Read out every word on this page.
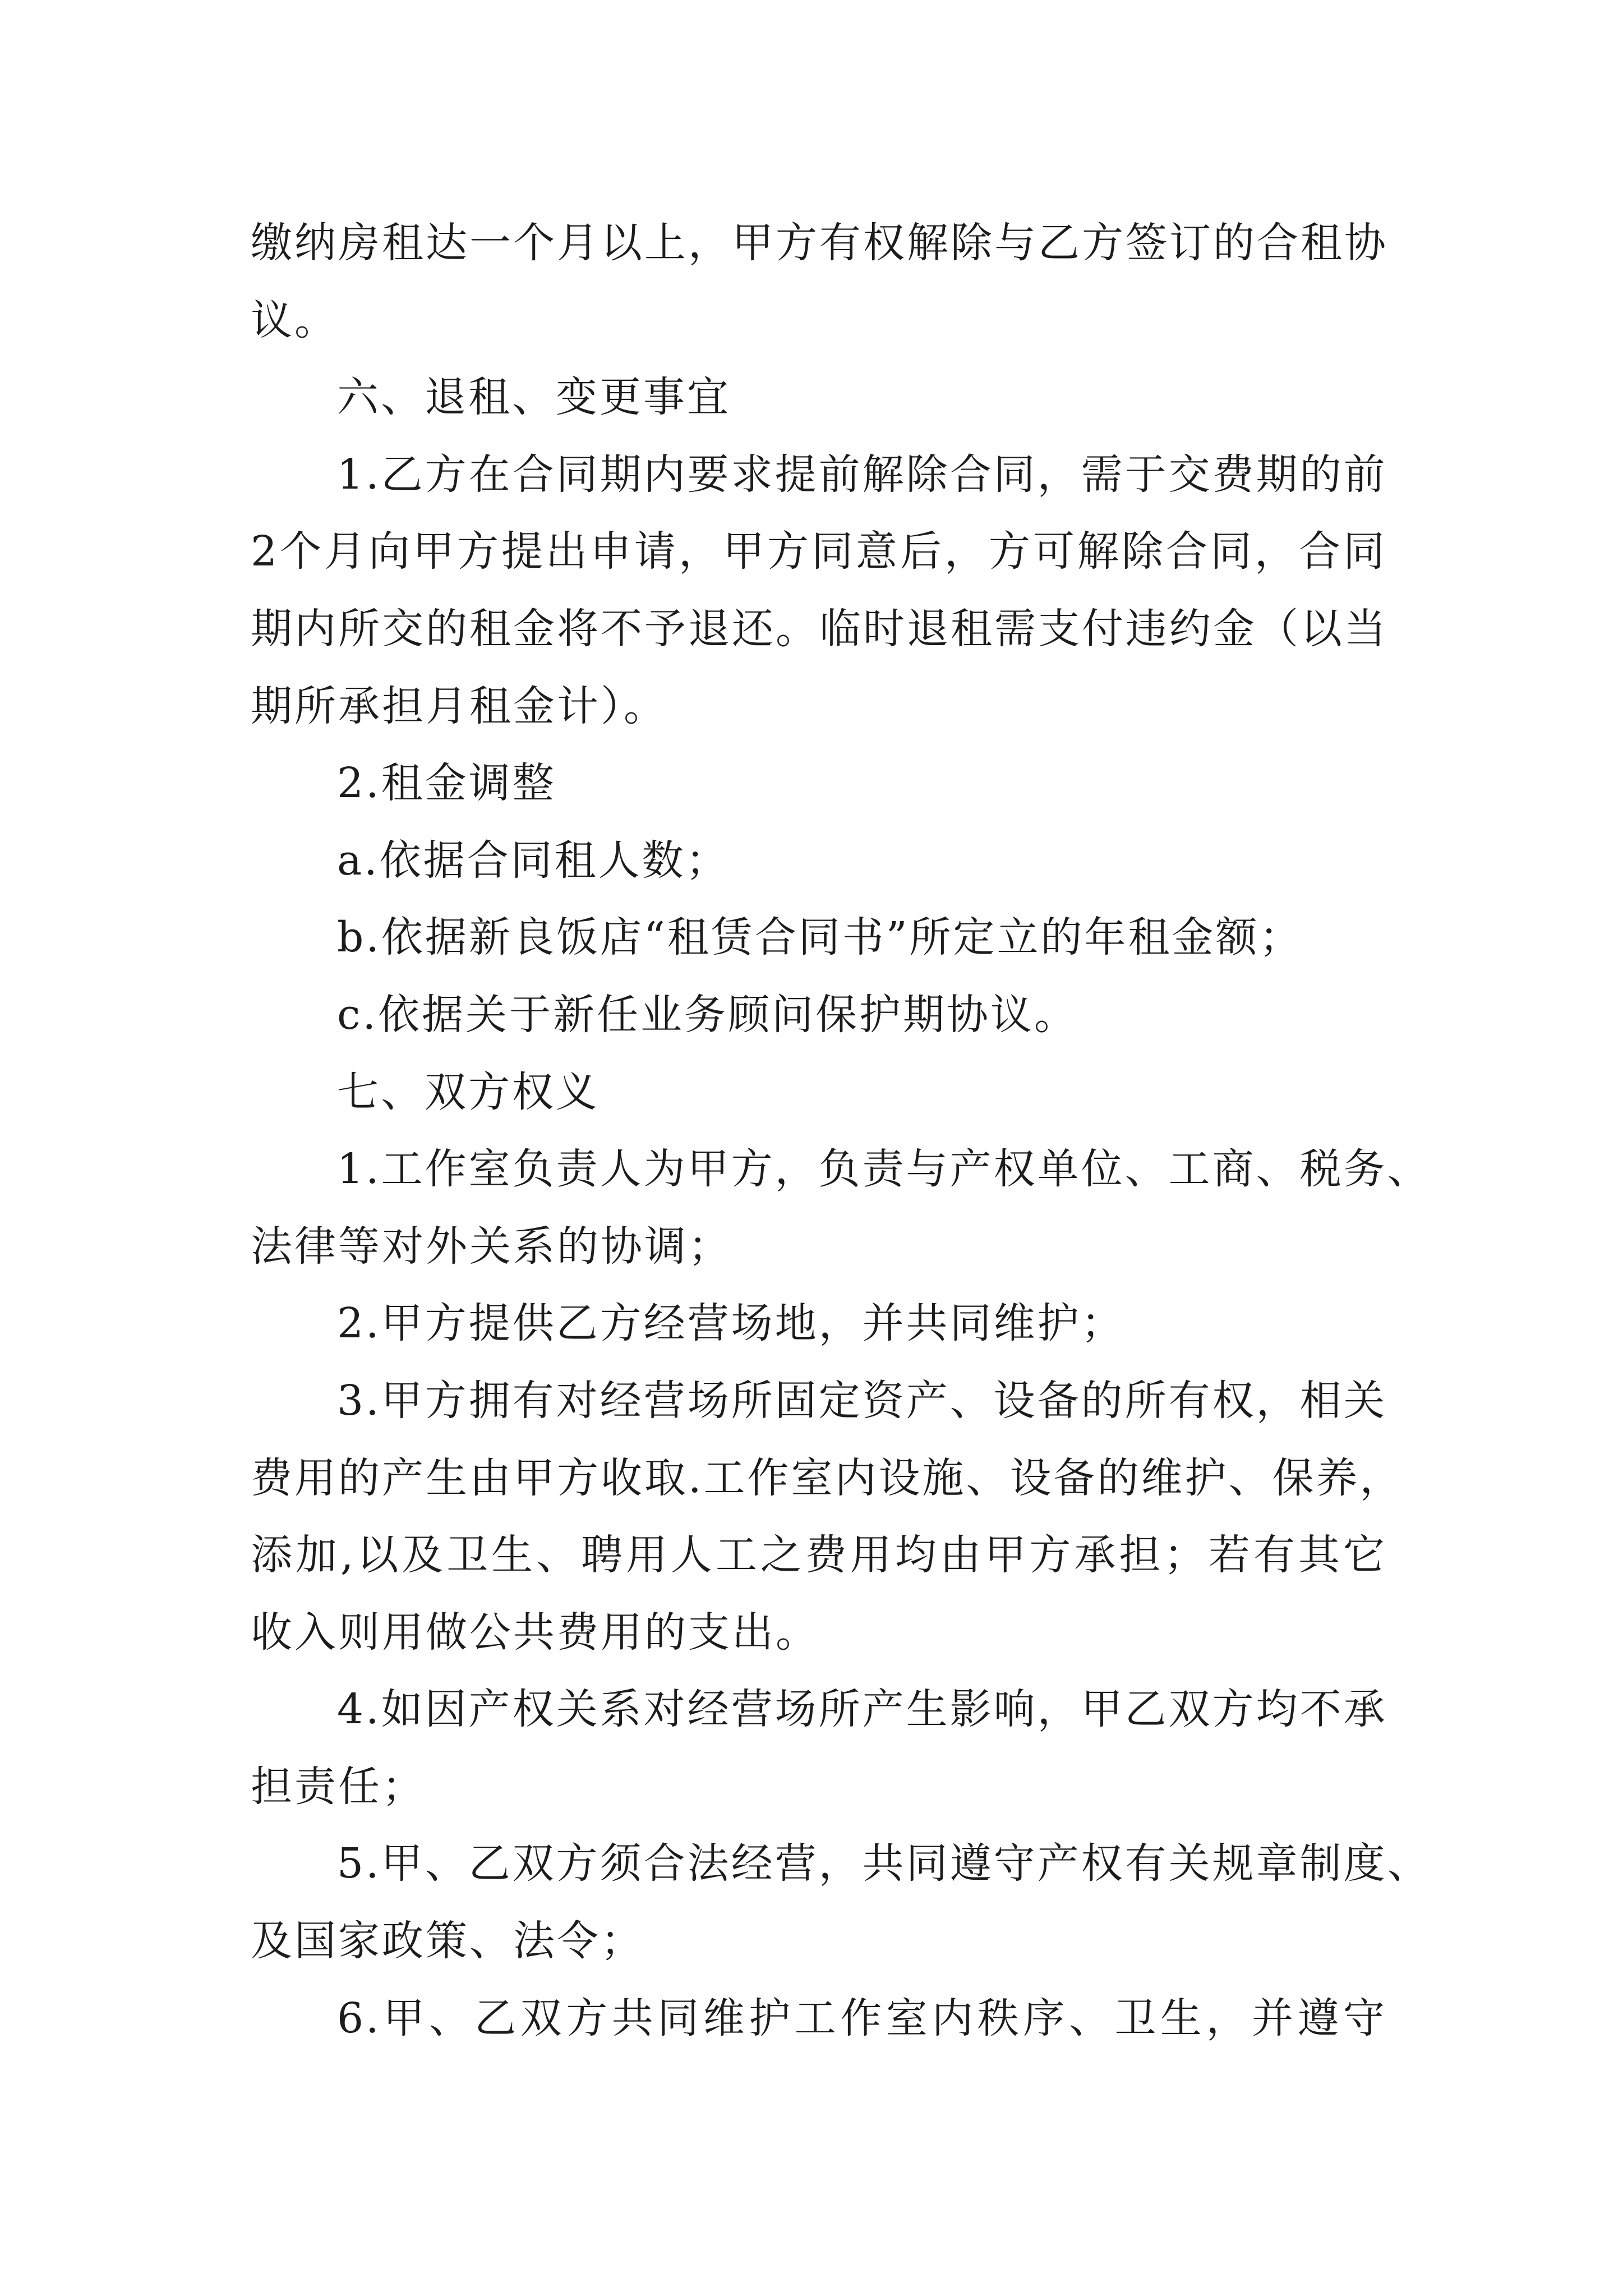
缴纳房租达一个月以上，甲方有权解除与乙方签订的合租协
议。
六、退租、变更事宜
1.乙方在合同期内要求提前解除合同，需于交费期的前
2个月向甲方提出申请，甲方同意后，方可解除合同，合同
期内所交的租金将不予退还。临时退租需支付违约金（以当
期所承担月租金计）。
2.租金调整
a.依据合同租人数；
b.依据新良饭店“租赁合同书”所定立的年租金额；
c.依据关于新任业务顾问保护期协议。
七、双方权义
1.工作室负责人为甲方，负责与产权单位、工商、税务、
法律等对外关系的协调；
2.甲方提供乙方经营场地，并共同维护；
3.甲方拥有对经营场所固定资产、设备的所有权，相关
费用的产生由甲方收取.工作室内设施、设备的维护、保养，
添加,以及卫生、聘用人工之费用均由甲方承担；若有其它
收入则用做公共费用的支出。
4.如因产权关系对经营场所产生影响，甲乙双方均不承
担责任；
5.甲、乙双方须合法经营，共同遵守产权有关规章制度、
及国家政策、法令；
6.甲、乙双方共同维护工作室内秩序、卫生，并遵守
